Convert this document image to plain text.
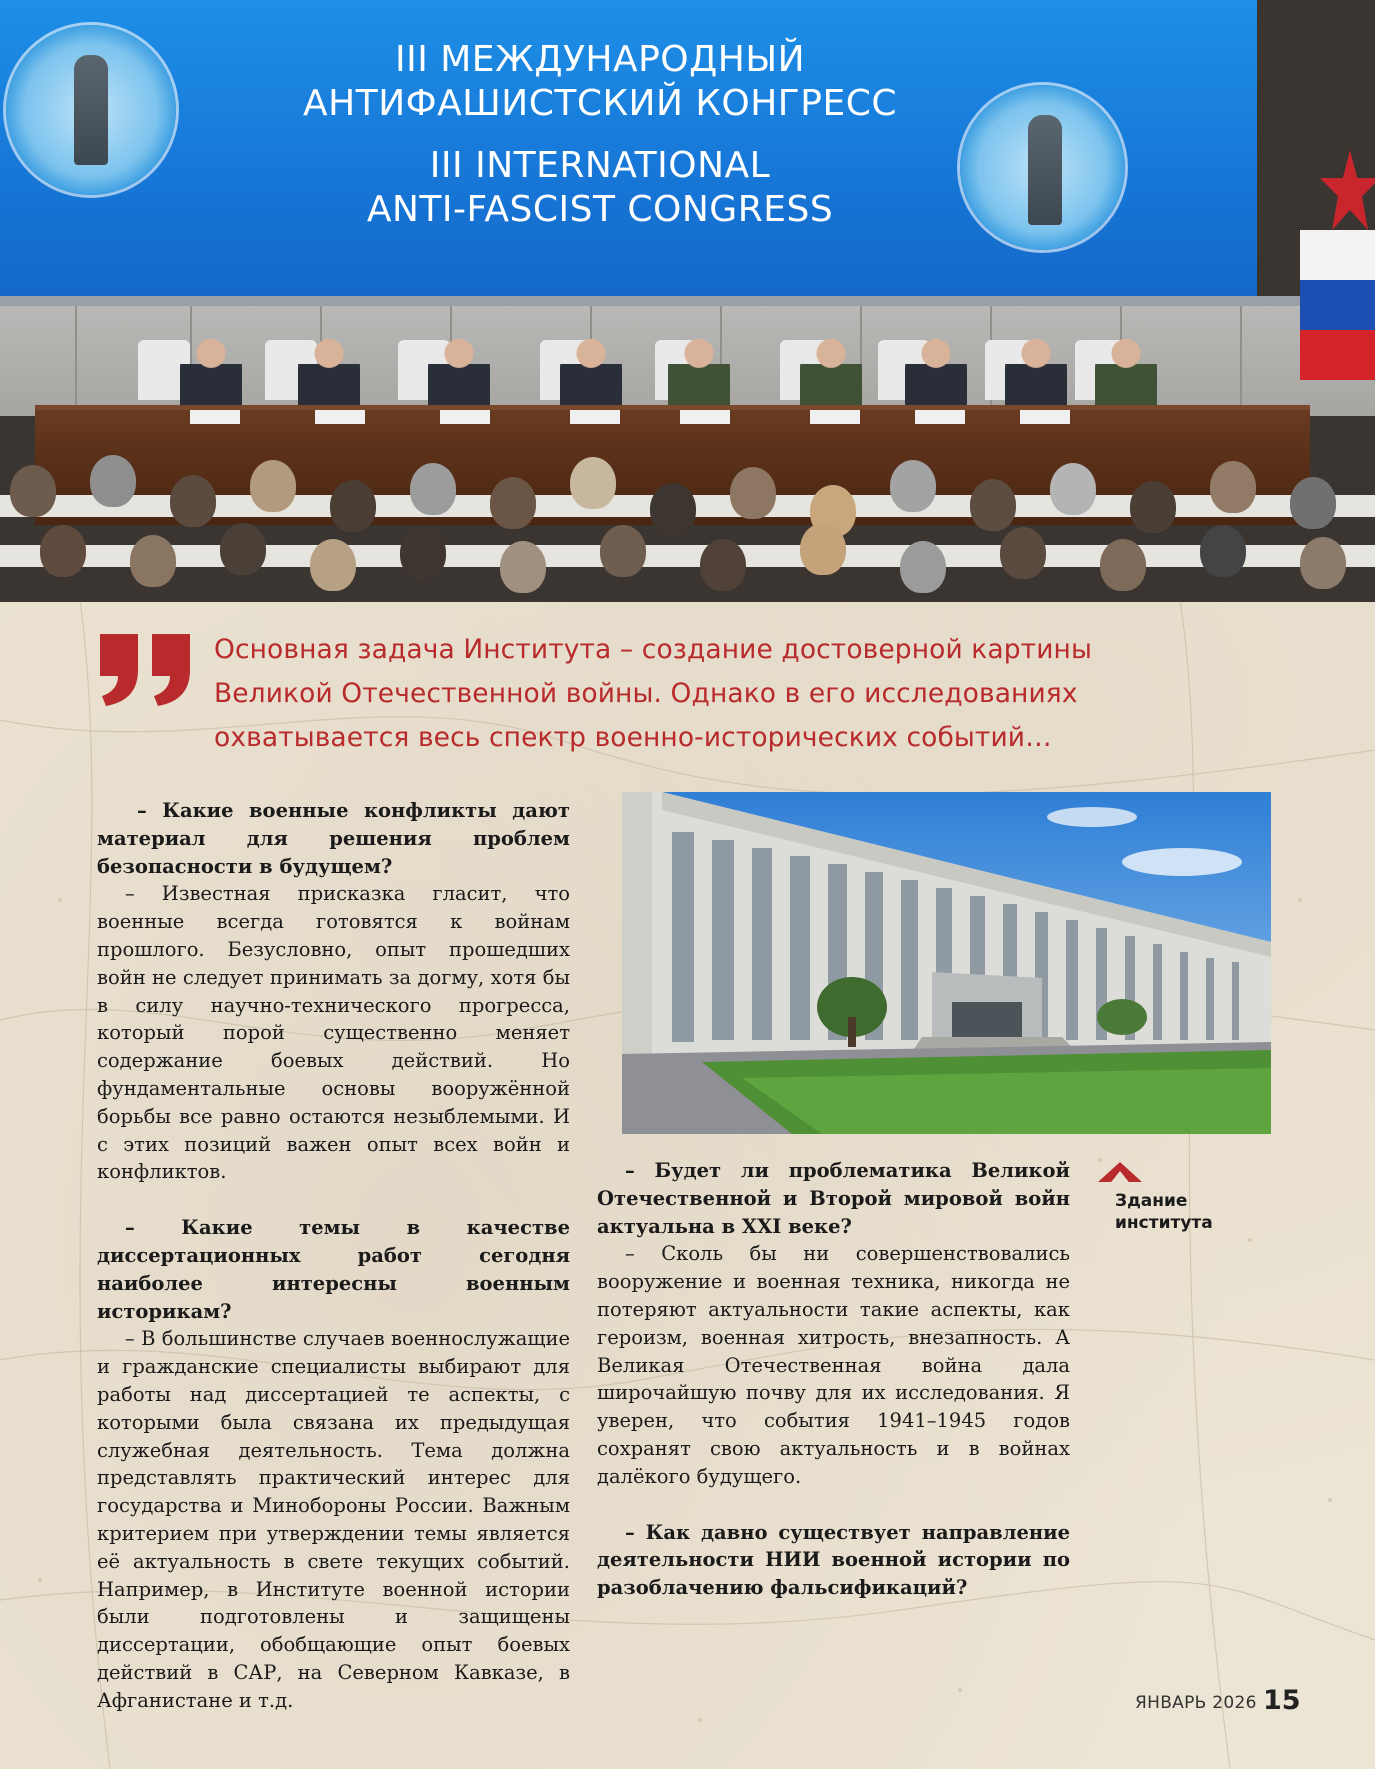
III МЕЖДУНАРОДНЫЙ
АНТИФАШИСТСКИЙ КОНГРЕСС
III INTERNATIONAL
ANTI-FASCIST CONGRESS
Основная задача Института – создание достоверной картины
Великой Отечественной войны. Однако в его исследованиях
охватывается весь спектр военно-исторических событий…

– Какие военные конфликты дают материал для решения проблем безопасности в будущем?

– Известная присказка гласит, что военные всегда готовятся к войнам прошлого. Безусловно, опыт прошедших войн не следует принимать за догму, хотя бы в силу научно-технического прогресса, который порой существенно меняет содержание боевых действий. Но фундаментальные основы вооружённой борьбы все равно остаются незыблемыми. И с этих позиций важен опыт всех войн и конфликтов.

– Какие темы в качестве диссертационных работ сегодня наиболее интересны военным историкам?

– В большинстве случаев военнослужащие и гражданские специалисты выбирают для работы над диссертацией те аспекты, с которыми была связана их предыдущая служебная деятельность. Тема должна представлять практический интерес для государства и Минобороны России. Важным критерием при утверждении темы является её актуальность в свете текущих событий. Например, в Институте военной истории были подготовлены и защищены диссертации, обобщающие опыт боевых действий в САР, на Северном Кавказе, в Афганистане и т.д.

Здание института

– Будет ли проблематика Великой Отечественной и Второй мировой войн актуальна в XXI веке?

– Сколь бы ни совершенствовались вооружение и военная техника, никогда не потеряют актуальности такие аспекты, как героизм, военная хитрость, внезапность. А Великая Отечественная война дала широчайшую почву для их исследования. Я уверен, что события 1941–1945 годов сохранят свою актуальность и в войнах далёкого будущего.

– Как давно существует направление деятельности НИИ военной истории по разоблачению фальсификаций?

ЯНВАРЬ 2026 15
